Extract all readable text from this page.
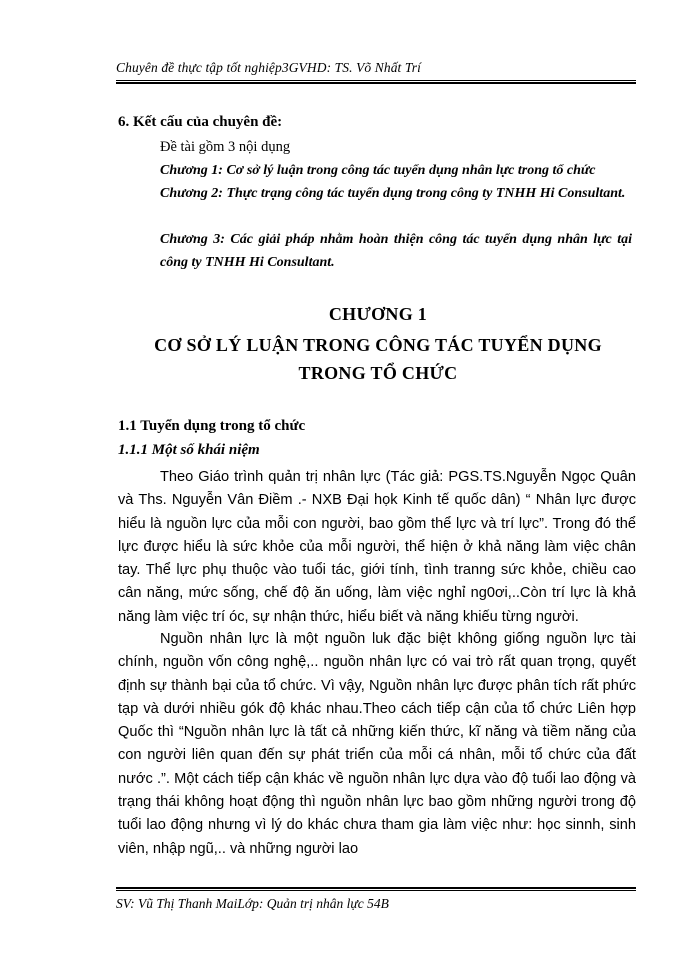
Chuyên đề thực tập tốt nghiệp3GVHD: TS. Võ Nhất Trí
6. Kết cấu của chuyên đề:
Đề tài gồm 3 nội dụng
Chương 1: Cơ sở lý luận trong công tác tuyển dụng nhân lực trong tổ chức
Chương 2: Thực trạng công tác tuyển dụng trong công ty TNHH Hi Consultant.
Chương 3: Các giải pháp nhằm hoàn thiện công tác tuyển dụng nhân lực tại công ty TNHH Hi Consultant.
CHƯƠNG 1
CƠ SỞ LÝ LUẬN TRONG CÔNG TÁC TUYỂN DỤNG
TRONG TỔ CHỨC
1.1 Tuyển dụng trong tổ chức
1.1.1 Một số khái niệm
Theo Giáo trình quản trị nhân lực (Tác giả: PGS.TS.Nguyễn Ngọc Quân và Ths. Nguyễn Vân Điềm .- NXB Đại họk Kinh tế quốc dân) “ Nhân lực được hiểu là nguồn lực của mỗi con người, bao gồm thể lực và trí lực”. Trong đó thể lực được hiểu là sức khỏe của mỗi người, thể hiện ở khả năng làm việc chân tay. Thể lực phụ thuộc vào tuổi tác, giới tính, tình tranng sức khỏe, chiều cao cân năng, mức sống, chế độ ăn uống, làm việc nghỉ ng0ơi,..Còn trí lực là khả năng làm việc trí óc, sự nhận thức, hiểu biết và năng khiếu từng người.
Nguồn nhân lực là một nguồn luk đặc biệt không giống nguồn lực tài chính, nguồn vốn công nghệ,.. nguồn nhân lực có vai trò rất quan trọng, quyết định sự thành bại của tổ chức. Vì vậy, Nguồn nhân lực được phân tích rất phức tạp và dưới nhiều gók độ khác nhau.Theo cách tiếp cận của tổ chức Liên hợp Quốc thì “Nguồn nhân lực là tất cả những kiến thức, kĩ năng và tiềm năng của con người liên quan đến sự phát triển của mỗi cá nhân, mỗi tổ chức của đất nước .”. Một cách tiếp cận khác về nguồn nhân lực dựa vào độ tuổi lao động và trạng thái không hoạt động thì nguồn nhân lực bao gồm những người trong độ tuổi lao động nhưng vì lý do khác chưa tham gia làm việc như: học sinnh, sinh viên, nhập ngũ,.. và những người lao
SV: Vũ Thị Thanh MaiLớp: Quản trị nhân lực 54B
